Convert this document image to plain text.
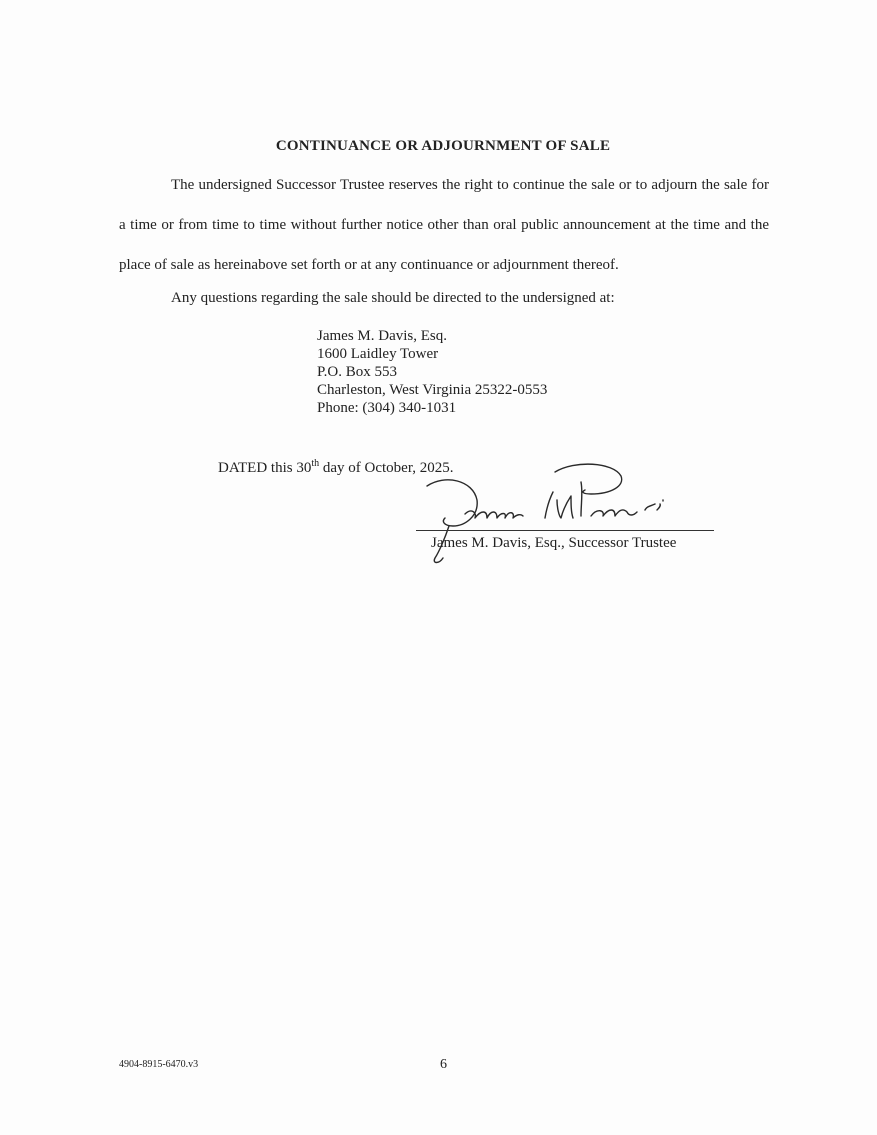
CONTINUANCE OR ADJOURNMENT OF SALE
The undersigned Successor Trustee reserves the right to continue the sale or to adjourn the sale for a time or from time to time without further notice other than oral public announcement at the time and the place of sale as hereinabove set forth or at any continuance or adjournment thereof.
Any questions regarding the sale should be directed to the undersigned at:
James M. Davis, Esq.
1600 Laidley Tower
P.O. Box 553
Charleston, West Virginia 25322-0553
Phone: (304) 340-1031
DATED this 30th day of October, 2025.
James M. Davis, Esq., Successor Trustee
4904-8915-6470.v3	6
